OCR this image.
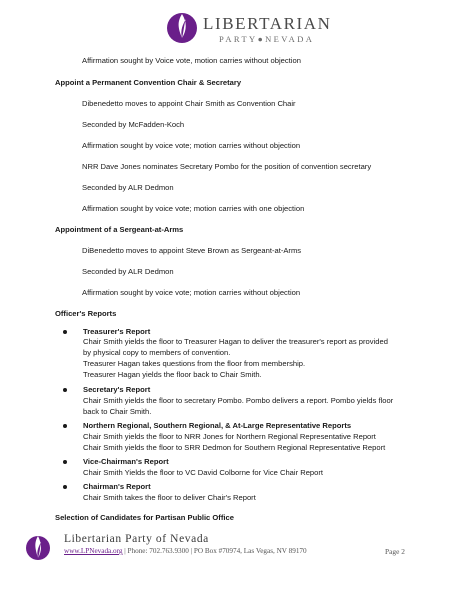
LIBERTARIAN
PARTY●NEVADA
Affirmation sought by Voice vote, motion carries without objection
Appoint a Permanent Convention Chair & Secretary
Dibenedetto moves to appoint Chair Smith as Convention Chair
Seconded by McFadden-Koch
Affirmation sought by voice vote; motion carries without objection
NRR Dave Jones nominates Secretary Pombo for the position of convention secretary
Seconded by ALR Dedmon
Affirmation sought by voice vote; motion carries with one objection
Appointment of a Sergeant-at-Arms
DiBenedetto moves to appoint Steve Brown as Sergeant-at-Arms
Seconded by ALR Dedmon
Affirmation sought by voice vote; motion carries without objection
Officer's Reports
Treasurer's Report
Chair Smith yields the floor to Treasurer Hagan to deliver the treasurer's report as provided
by physical copy to members of convention.
Treasurer Hagan takes questions from the floor from membership.
Treasurer Hagan yields the floor back to Chair Smith.
Secretary's Report
Chair Smith yields the floor to secretary Pombo. Pombo delivers a report. Pombo yields floor
back to Chair Smith.
Northern Regional, Southern Regional, & At-Large Representative Reports
Chair Smith yields the floor to NRR Jones for Northern Regional Representative Report
Chair Smith yields the floor to SRR Dedmon for Southern Regional Representative Report
Vice-Chairman's Report
Chair Smith Yields the floor to VC David Colborne for Vice Chair Report
Chairman's Report
Chair Smith takes the floor to deliver Chair's Report
Selection of Candidates for Partisan Public Office
Libertarian Party of Nevada
www.LPNevada.org | Phone: 702.763.9300 | PO Box #70974, Las Vegas, NV 89170	Page 2
